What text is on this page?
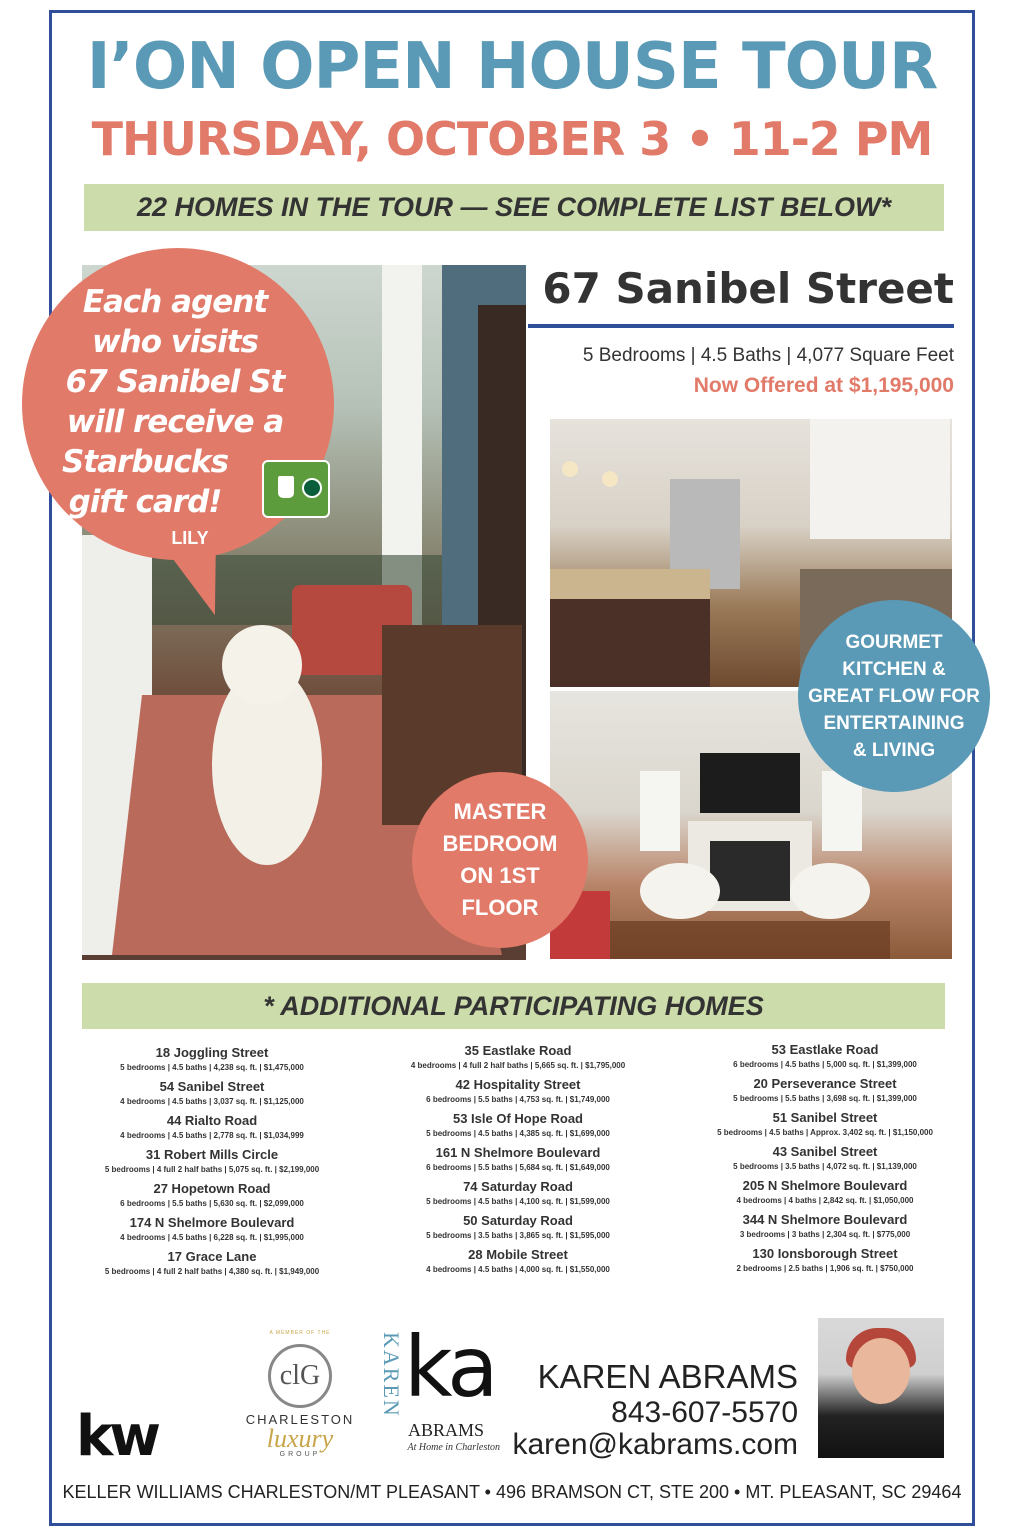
I’ON OPEN HOUSE TOUR
THURSDAY, OCTOBER 3 • 11-2 PM
22 HOMES IN THE TOUR — SEE COMPLETE LIST BELOW*
67 Sanibel Street
5 Bedrooms | 4.5 Baths | 4,077 Square Feet
Now Offered at $1,195,000
Each agent
who visits
67 Sanibel St
will receive a
Starbucks
gift card!
LILY
MASTER
BEDROOM
ON 1ST
FLOOR
GOURMET
KITCHEN &
GREAT FLOW FOR
ENTERTAINING
& LIVING
* ADDITIONAL PARTICIPATING HOMES
18 Joggling Street
5 bedrooms | 4.5 baths | 4,238 sq. ft. | $1,475,000
54 Sanibel Street
4 bedrooms | 4.5 baths | 3,037 sq. ft. | $1,125,000
44 Rialto Road
4 bedrooms | 4.5 baths | 2,778 sq. ft. | $1,034,999
31 Robert Mills Circle
5 bedrooms | 4 full 2 half baths | 5,075 sq. ft. | $2,199,000
27 Hopetown Road
6 bedrooms | 5.5 baths | 5,630 sq. ft. | $2,099,000
174 N Shelmore Boulevard
4 bedrooms | 4.5 baths | 6,228 sq. ft. | $1,995,000
17 Grace Lane
5 bedrooms | 4 full 2 half baths | 4,380 sq. ft. | $1,949,000
35 Eastlake Road
4 bedrooms | 4 full 2 half baths | 5,665 sq. ft. | $1,795,000
42 Hospitality Street
6 bedrooms | 5.5 baths | 4,753 sq. ft. | $1,749,000
53 Isle Of Hope Road
5 bedrooms | 4.5 baths | 4,385 sq. ft. | $1,699,000
161 N Shelmore Boulevard
6 bedrooms | 5.5 baths | 5,684 sq. ft. | $1,649,000
74 Saturday Road
5 bedrooms | 4.5 baths | 4,100 sq. ft. | $1,599,000
50 Saturday Road
5 bedrooms | 3.5 baths | 3,865 sq. ft. | $1,595,000
28 Mobile Street
4 bedrooms | 4.5 baths | 4,000 sq. ft. | $1,550,000
53 Eastlake Road
6 bedrooms | 4.5 baths | 5,000 sq. ft. | $1,399,000
20 Perseverance Street
5 bedrooms | 5.5 baths | 3,698 sq. ft. | $1,399,000
51 Sanibel Street
5 bedrooms | 4.5 baths | Approx. 3,402 sq. ft. | $1,150,000
43 Sanibel Street
5 bedrooms | 3.5 baths | 4,072 sq. ft. | $1,139,000
205 N Shelmore Boulevard
4 bedrooms | 4 baths | 2,842 sq. ft. | $1,050,000
344 N Shelmore Boulevard
3 bedrooms | 3 baths | 2,304 sq. ft. | $775,000
130 Ionsborough Street
2 bedrooms | 2.5 baths | 1,906 sq. ft. | $750,000
kw
A MEMBER OF THE
clG
CHARLESTON
luxury
GROUP
KAREN ka
ABRAMS
At Home in Charleston
KAREN ABRAMS
843-607-5570
karen@kabrams.com
KELLER WILLIAMS CHARLESTON/MT PLEASANT • 496 BRAMSON CT, STE 200 • MT. PLEASANT, SC 29464
